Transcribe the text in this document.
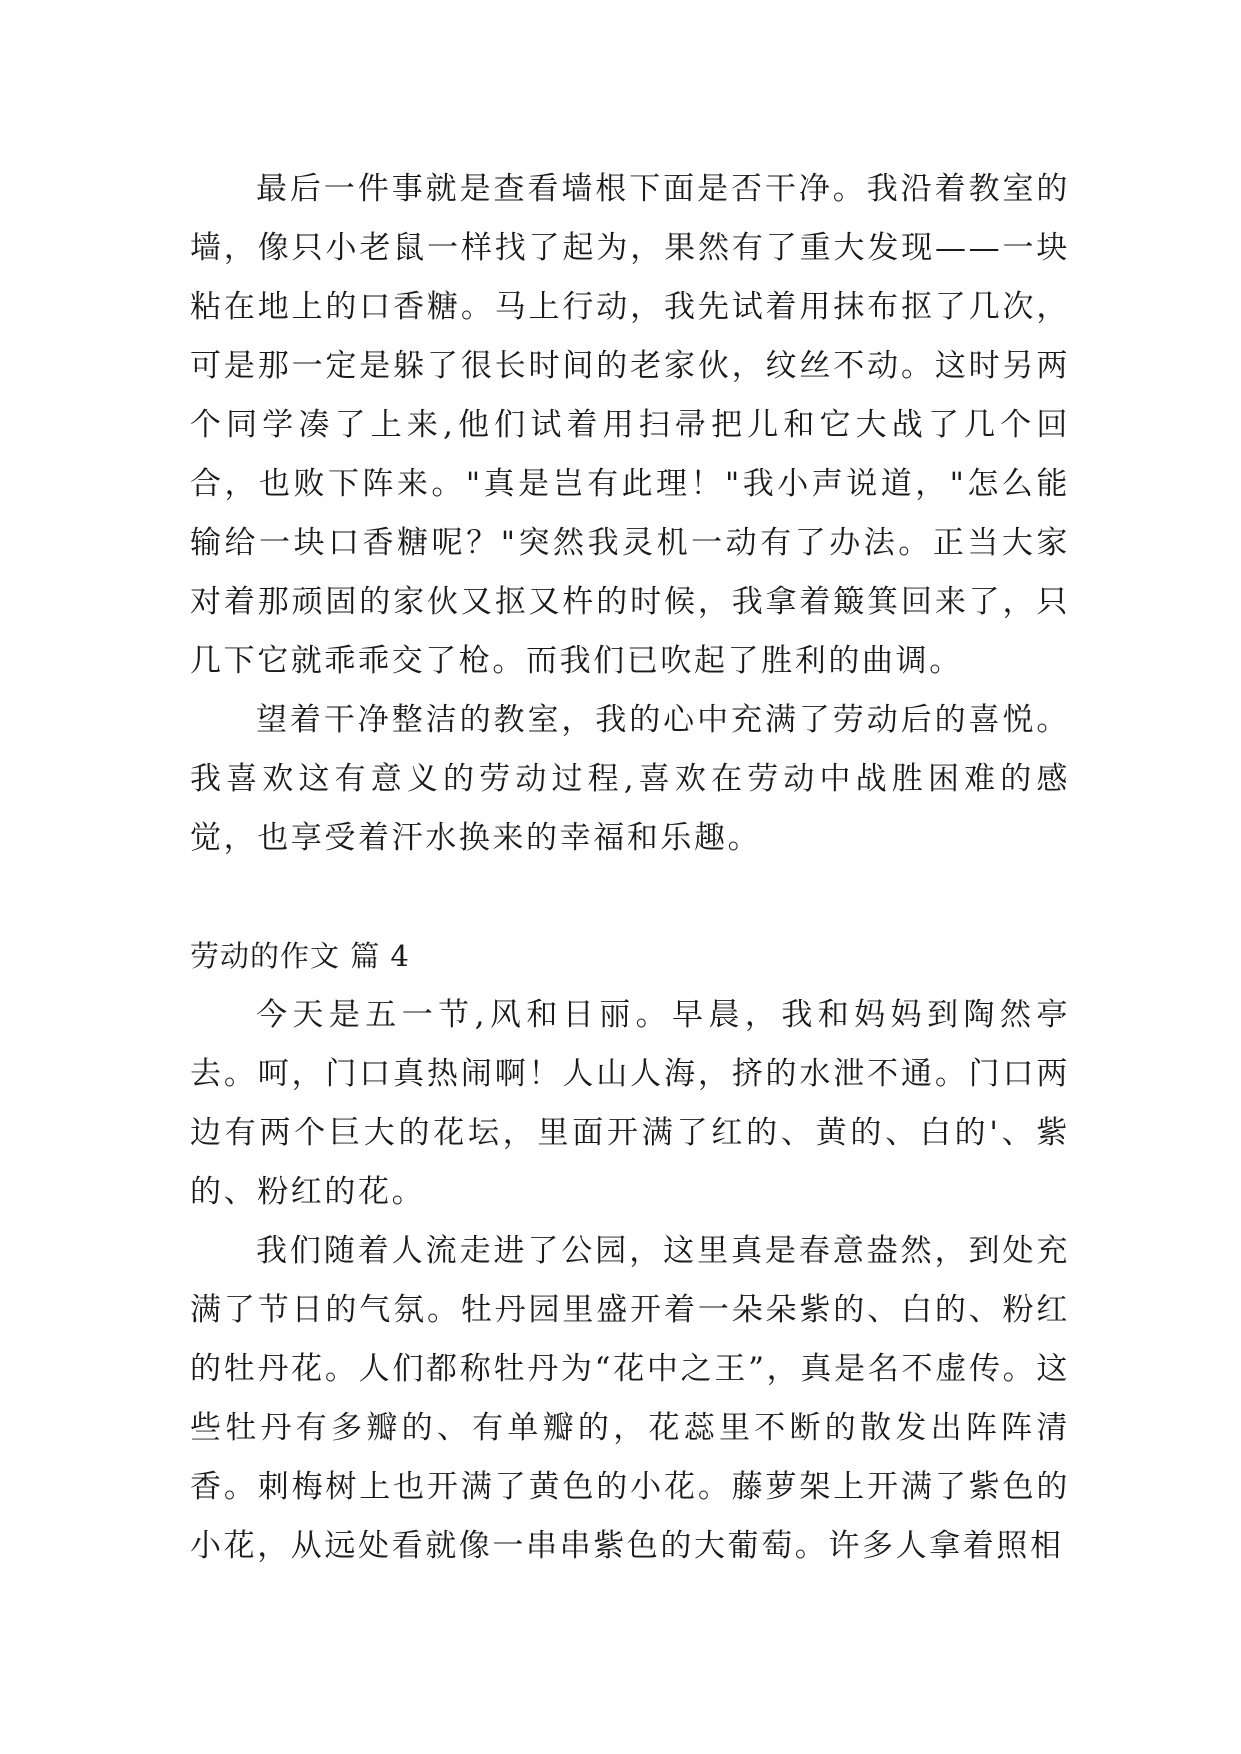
最后一件事就是查看墙根下面是否干净。我沿着教室的墙，像只小老鼠一样找了起为，果然有了重大发现——一块粘在地上的口香糖。马上行动，我先试着用抹布抠了几次，可是那一定是躲了很长时间的老家伙，纹丝不动。这时另两个同学凑了上来,他们试着用扫帚把儿和它大战了几个回合，也败下阵来。"真是岂有此理！"我小声说道，"怎么能输给一块口香糖呢？"突然我灵机一动有了办法。正当大家对着那顽固的家伙又抠又杵的时候，我拿着簸箕回来了，只几下它就乖乖交了枪。而我们已吹起了胜利的曲调。

望着干净整洁的教室，我的心中充满了劳动后的喜悦。我喜欢这有意义的劳动过程,喜欢在劳动中战胜困难的感觉，也享受着汗水换来的幸福和乐趣。

劳动的作文 篇 4

今天是五一节,风和日丽。早晨，我和妈妈到陶然亭去。呵，门口真热闹啊！人山人海，挤的水泄不通。门口两边有两个巨大的花坛，里面开满了红的、黄的、白的'、紫的、粉红的花。

我们随着人流走进了公园，这里真是春意盎然，到处充满了节日的气氛。牡丹园里盛开着一朵朵紫的、白的、粉红的牡丹花。人们都称牡丹为“花中之王”，真是名不虚传。这些牡丹有多瓣的、有单瓣的，花蕊里不断的散发出阵阵清香。刺梅树上也开满了黄色的小花。藤萝架上开满了紫色的小花，从远处看就像一串串紫色的大葡萄。许多人拿着照相
